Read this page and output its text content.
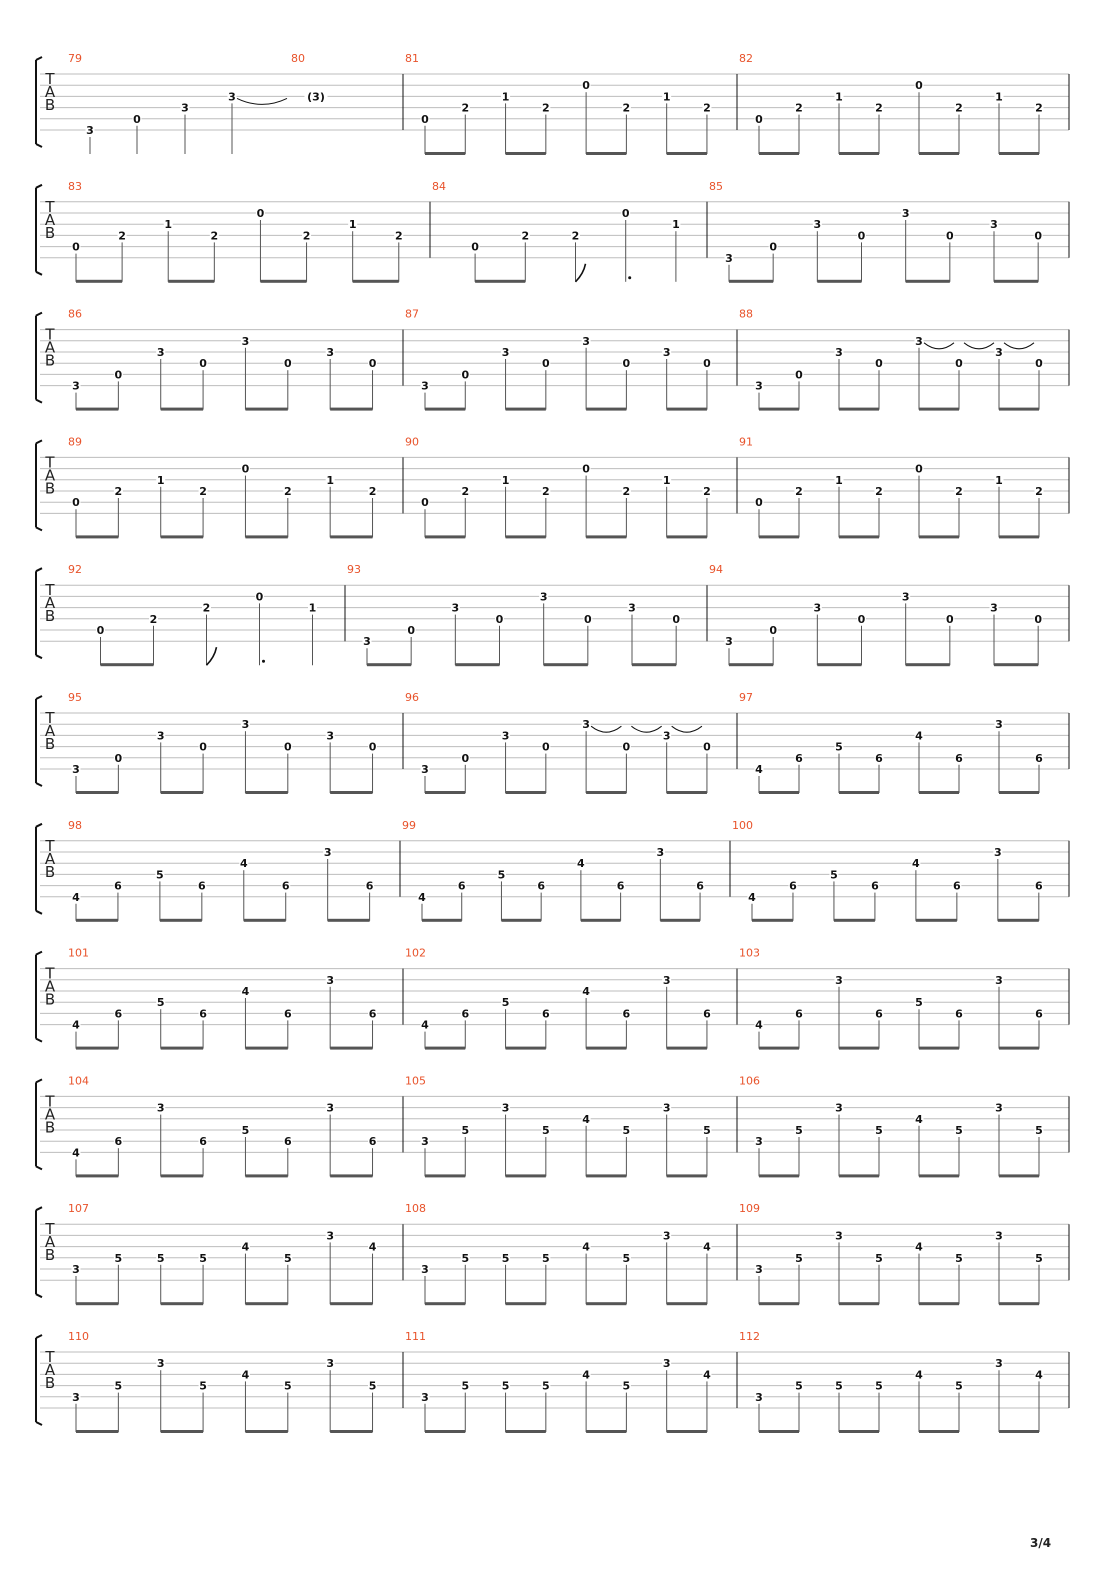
T
A
B
79
3
0
3
3
80
(3)
81
0
2
1
2
0
2
1
2
82
0
2
1
2
0
2
1
2
T
A
B
83
0
2
1
2
0
2
1
2
84
0
2	2
0
1
85
3
0
3
0
3
0
3
0
T
A
B
86
3
0
3
0
3
0
3
0
87
3
0
3
0
3
0
3
0
88
3
0
3
0
3
0
3
0
T
A
B
89
0
2
1
2
0
2
1
2
90
0
2
1
2
0
2
1
2
91
0
2
1
2
0
2
1
2
T
A
B
92
0
2
2
0
1
93
3
0
3
0
3
0
3
0
94
3
0
3
0
3
0
3
0
T
A
B
95
3
0
3
0
3
0
3
0
96
3
0
3
0
3
0
3
0
97
4
6
5
6
4
6
3
6
T
A
B
98
4
6
5
6
4
6
3
6
99
4
6
5
6
4
6
3
6
100
4
6
5
6
4
6
3
6
T
A
B
101
4
6
5
6
4
6
3
6
102
4
6
5
6
4
6
3
6
103
4
6
3
6
5
6
3
6
T
A
B
104
4
6
3
6
5
6
3
6
105
3
5
3
5
4
5
3
5
106
3
5
3
5
4
5
3
5
T
A
B
107
3
5	5	5
4
5
3
4
108
3
5	5	5
4
5
3
4
109
3
5
3
5
4
5
3
5
T
A
B
110
3
5
3
5
4
5
3
5
111
3
5	5	5
4
5
3
4
112
3
5	5	5
4
5
3
4
3/4
